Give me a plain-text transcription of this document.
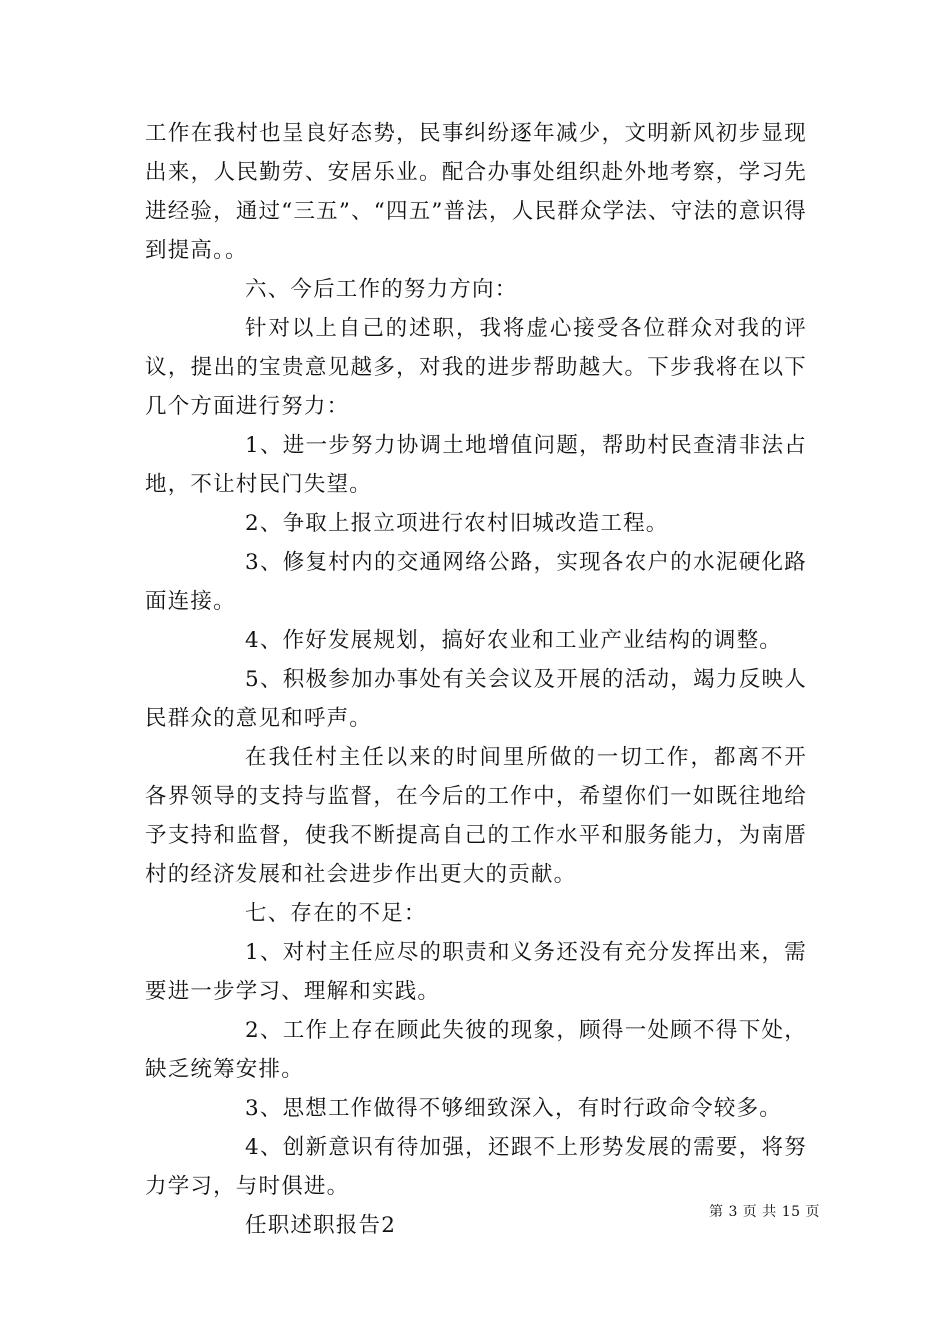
工作在我村也呈良好态势，民事纠纷逐年减少，文明新风初步显现出来，人民勤劳、安居乐业。配合办事处组织赴外地考察，学习先进经验，通过“三五”、“四五”普法，人民群众学法、守法的意识得到提高。。

六、今后工作的努力方向：

针对以上自己的述职，我将虚心接受各位群众对我的评议，提出的宝贵意见越多，对我的进步帮助越大。下步我将在以下几个方面进行努力：

1、进一步努力协调土地增值问题，帮助村民查清非法占地，不让村民门失望。

2、争取上报立项进行农村旧城改造工程。

3、修复村内的交通网络公路，实现各农户的水泥硬化路面连接。

4、作好发展规划，搞好农业和工业产业结构的调整。

5、积极参加办事处有关会议及开展的活动，竭力反映人民群众的意见和呼声。

在我任村主任以来的时间里所做的一切工作，都离不开各界领导的支持与监督，在今后的工作中，希望你们一如既往地给予支持和监督，使我不断提高自己的工作水平和服务能力，为南厝村的经济发展和社会进步作出更大的贡献。

七、存在的不足：

1、对村主任应尽的职责和义务还没有充分发挥出来，需要进一步学习、理解和实践。

2、工作上存在顾此失彼的现象，顾得一处顾不得下处，缺乏统筹安排。

3、思想工作做得不够细致深入，有时行政命令较多。

4、创新意识有待加强，还跟不上形势发展的需要，将努力学习，与时俱进。

任职述职报告2

第 3 页 共 15 页
